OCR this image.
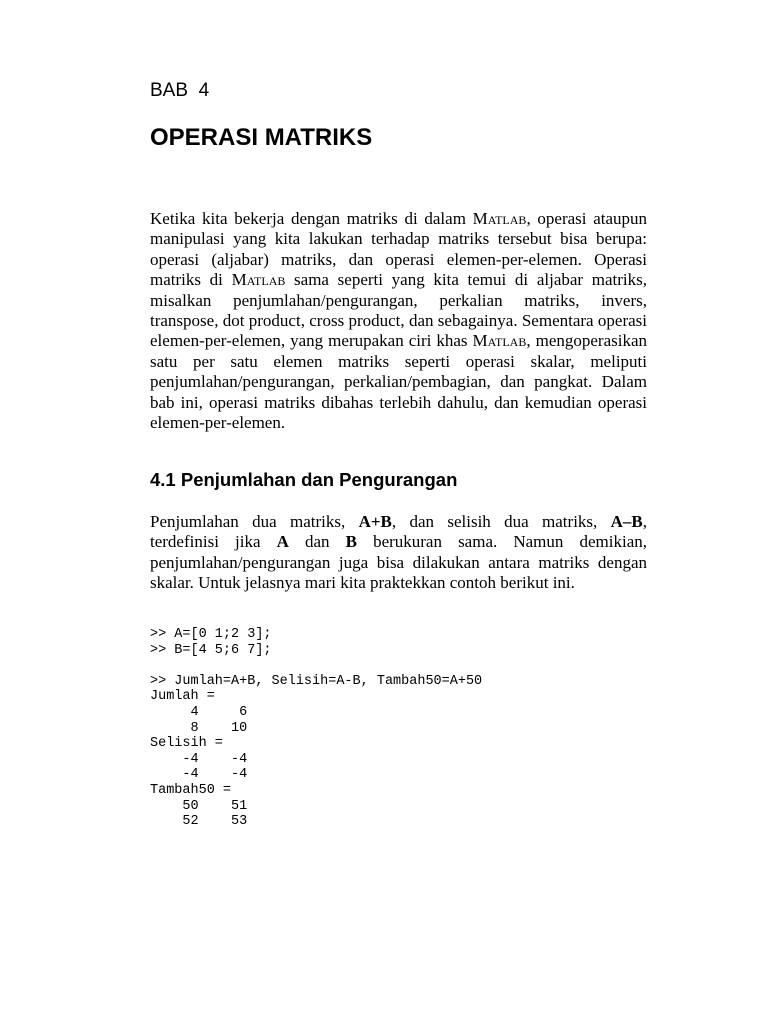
BAB  4
OPERASI MATRIKS

Ketika kita bekerja dengan matriks di dalam Matlab, operasi ataupun manipulasi yang kita lakukan terhadap matriks tersebut bisa berupa: operasi (aljabar) matriks, dan operasi elemen-per-elemen. Operasi matriks di Matlab sama seperti yang kita temui di aljabar matriks, misalkan penjumlahan/pengurangan, perkalian matriks, invers, transpose, dot product, cross product, dan sebagainya. Sementara operasi elemen-per-elemen, yang merupakan ciri khas Matlab, mengoperasikan satu per satu elemen matriks seperti operasi skalar, meliputi penjumlahan/pengurangan, perkalian/pembagian, dan pangkat. Dalam bab ini, operasi matriks dibahas terlebih dahulu, dan kemudian operasi elemen-per-elemen.

4.1 Penjumlahan dan Pengurangan

Penjumlahan dua matriks, A+B, dan selisih dua matriks, A–B, terdefinisi jika A dan B berukuran sama. Namun demikian, penjumlahan/pengurangan juga bisa dilakukan antara matriks dengan skalar. Untuk jelasnya mari kita praktekkan contoh berikut ini.

>> A=[0 1;2 3];
>> B=[4 5;6 7];

>> Jumlah=A+B, Selisih=A-B, Tambah50=A+50
Jumlah =
4     6
8    10
Selisih =
-4    -4
-4    -4
Tambah50 =
50    51
52    53
